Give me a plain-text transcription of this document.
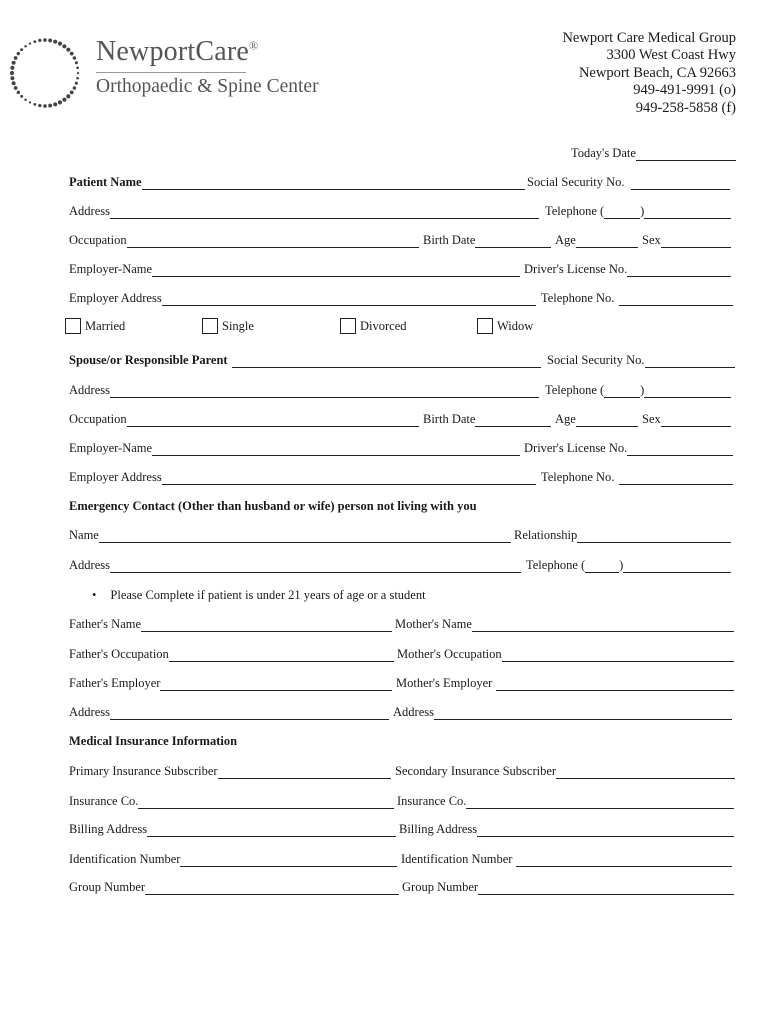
NewportCare®
Orthopaedic & Spine Center
Newport Care Medical Group
3300 West Coast Hwy
Newport Beach, CA 92663
949-491-9991 (o)
949-258-5858 (f)
Today's Date
Patient Name	Social Security No.
Address	Telephone (	)
Occupation	Birth Date	Age	Sex
Employer-Name	Driver's License No.
Employer Address	Telephone No.
Married	Single	Divorced	Widow
Spouse/or Responsible Parent	Social Security No.
Address	Telephone (	)
Occupation	Birth Date	Age	Sex
Employer-Name	Driver's License No.
Employer Address	Telephone No.
Emergency Contact (Other than husband or wife) person not living with you
Name	Relationship
Address	Telephone (	)
• Please Complete if patient is under 21 years of age or a student
Father's Name	Mother's Name
Father's Occupation	Mother's Occupation
Father's Employer	Mother's Employer
Address	Address
Medical Insurance Information
Primary Insurance Subscriber	Secondary Insurance Subscriber
Insurance Co.	Insurance Co.
Billing Address	Billing Address
Identification Number	Identification Number
Group Number	Group Number
